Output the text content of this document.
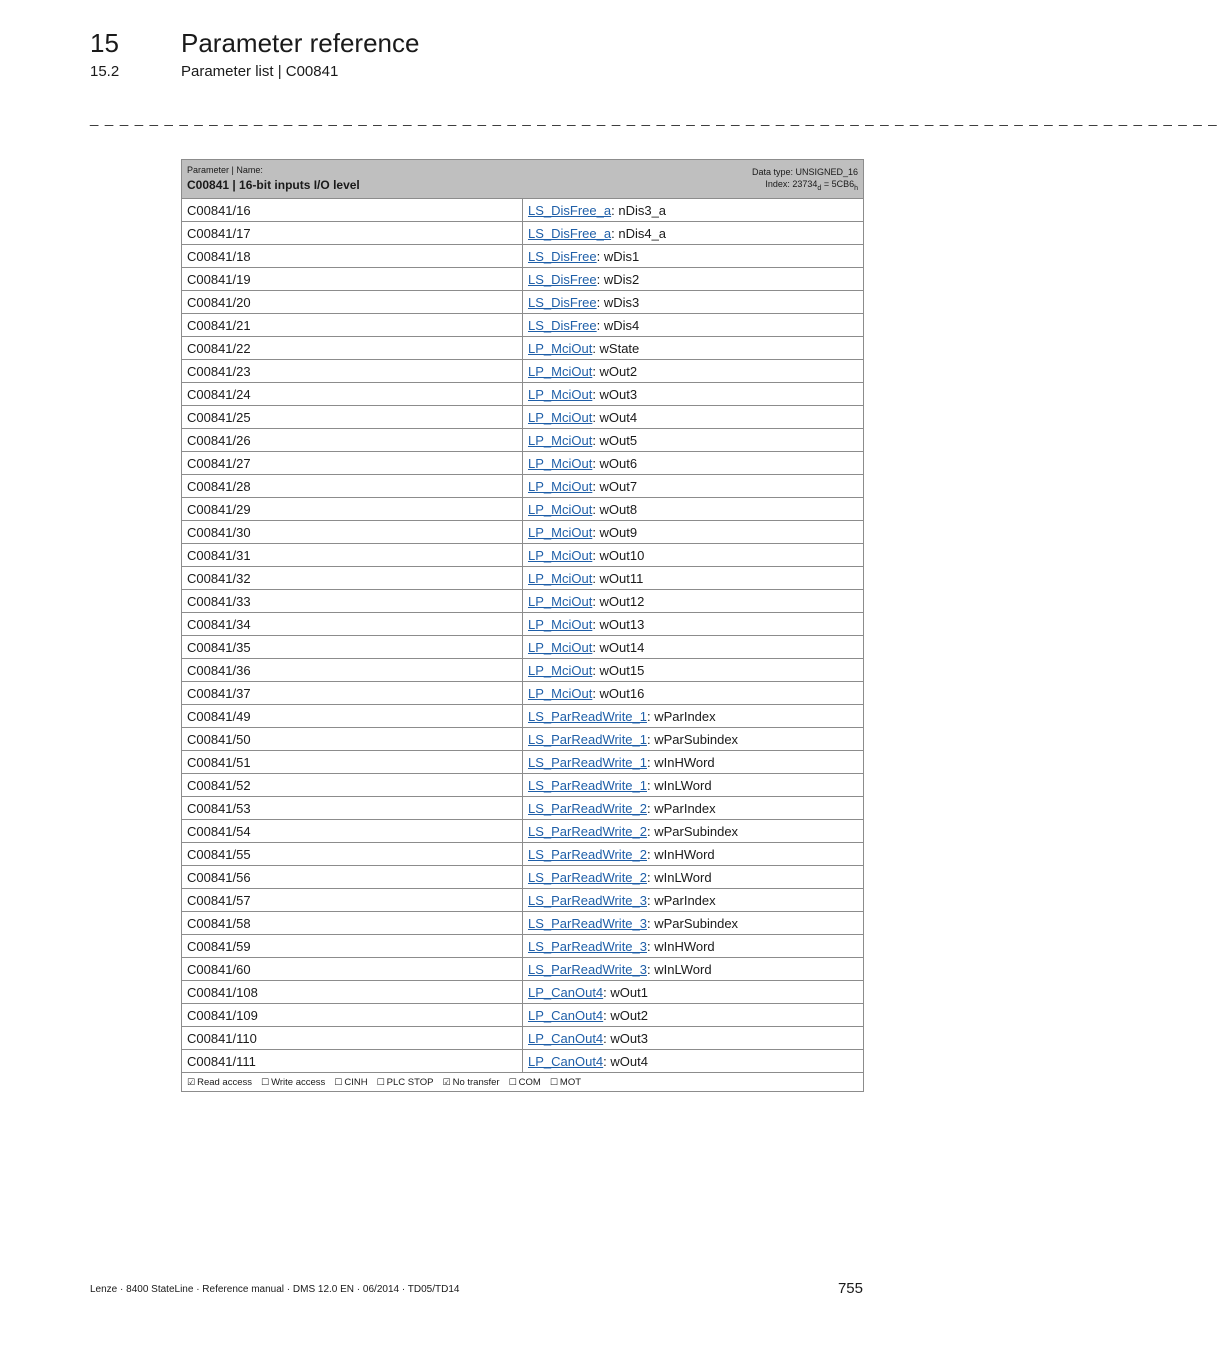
15 Parameter reference
15.2	Parameter list | C00841
_ _ _ _ _ _ _ _ _ _ _ _ _ _ _ _ _ _ _ _ _ _ _ _ _ _ _ _ _ _ _ _ _ _ _ _ _ _ _ _ _ _ _ _ _ _ _ _ _ _ _ _ _ _ _ _ _ _ _ _ _ _ _ _ _ _ _ _ _ _ _ _ _ _ _ _
Parameter | Name:
C00841 | 16-bit inputs I/O level
Data type: UNSIGNED_16
Index: $23734_d = 5CB6_h$

C00841/16	LS_DisFree_a: nDis3_a
C00841/17	LS_DisFree_a: nDis4_a
C00841/18	LS_DisFree: wDis1
C00841/19	LS_DisFree: wDis2
C00841/20	LS_DisFree: wDis3
C00841/21	LS_DisFree: wDis4
C00841/22	LP_MciOut: wState
C00841/23	LP_MciOut: wOut2
C00841/24	LP_MciOut: wOut3
C00841/25	LP_MciOut: wOut4
C00841/26	LP_MciOut: wOut5
C00841/27	LP_MciOut: wOut6
C00841/28	LP_MciOut: wOut7
C00841/29	LP_MciOut: wOut8
C00841/30	LP_MciOut: wOut9
C00841/31	LP_MciOut: wOut10
C00841/32	LP_MciOut: wOut11
C00841/33	LP_MciOut: wOut12
C00841/34	LP_MciOut: wOut13
C00841/35	LP_MciOut: wOut14
C00841/36	LP_MciOut: wOut15
C00841/37	LP_MciOut: wOut16
C00841/49	LS_ParReadWrite_1: wParIndex
C00841/50	LS_ParReadWrite_1: wParSubindex
C00841/51	LS_ParReadWrite_1: wInHWord
C00841/52	LS_ParReadWrite_1: wInLWord
C00841/53	LS_ParReadWrite_2: wParIndex
C00841/54	LS_ParReadWrite_2: wParSubindex
C00841/55	LS_ParReadWrite_2: wInHWord
C00841/56	LS_ParReadWrite_2: wInLWord
C00841/57	LS_ParReadWrite_3: wParIndex
C00841/58	LS_ParReadWrite_3: wParSubindex
C00841/59	LS_ParReadWrite_3: wInHWord
C00841/60	LS_ParReadWrite_3: wInLWord
C00841/108	LP_CanOut4: wOut1
C00841/109	LP_CanOut4: wOut2
C00841/110	LP_CanOut4: wOut3
C00841/111	LP_CanOut4: wOut4
☑ Read access ☐ Write access ☐ CINH ☐ PLC STOP ☑ No transfer ☐ COM ☐ MOT	
Lenze · 8400 StateLine · Reference manual · DMS 12.0 EN · 06/2014 · TD05/TD14	755
